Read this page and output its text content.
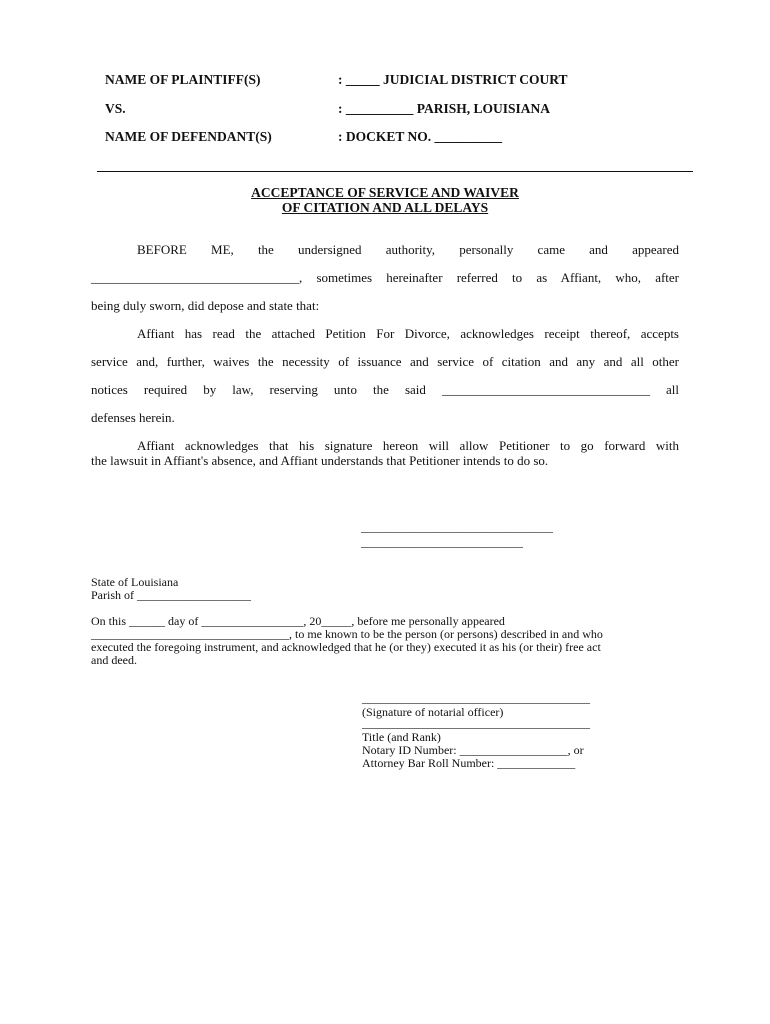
NAME OF PLAINTIFF(S)	: _____ JUDICIAL DISTRICT COURT
VS.	: __________ PARISH, LOUISIANA
NAME OF DEFENDANT(S)	: DOCKET NO. __________
ACCEPTANCE OF SERVICE AND WAIVER
OF CITATION AND ALL DELAYS
BEFORE ME, the undersigned authority, personally came and appeared
________________________________, sometimes hereinafter referred to as Affiant, who, after
being duly sworn, did depose and state that:
Affiant has read the attached Petition For Divorce, acknowledges receipt thereof, accepts
service and, further, waives the necessity of issuance and service of citation and any and all other
notices required by law, reserving unto the said ________________________________ all
defenses herein.
Affiant acknowledges that his signature hereon will allow Petitioner to go forward with
the lawsuit in Affiant's absence, and Affiant understands that Petitioner intends to do so.
________________________________
___________________________
State of Louisiana
Parish of ___________________
On this ______ day of _________________, 20_____, before me personally appeared
_________________________________, to me known to be the person (or persons) described in and who
executed the foregoing instrument, and acknowledged that he (or they) executed it as his (or their) free act
and deed.
______________________________________
(Signature of notarial officer)
______________________________________
Title (and Rank)
Notary ID Number: __________________, or
Attorney Bar Roll Number: _____________
